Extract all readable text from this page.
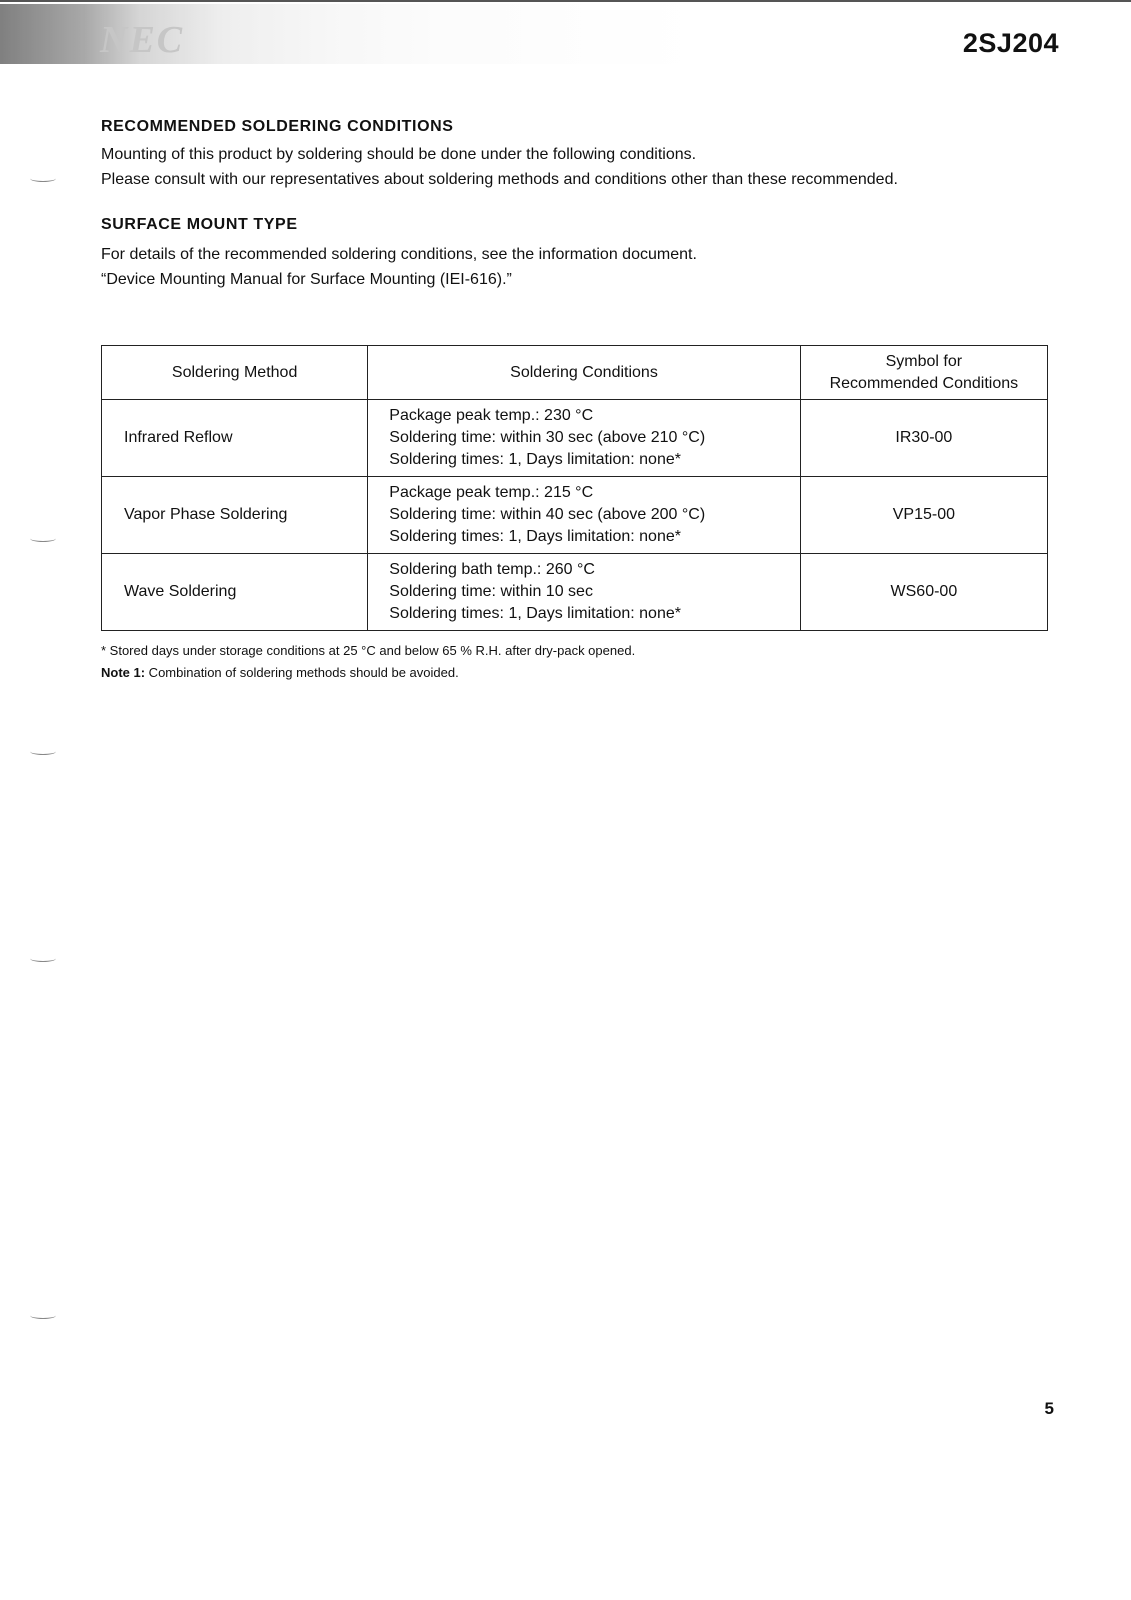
NEC	2SJ204
RECOMMENDED SOLDERING CONDITIONS

Mounting of this product by soldering should be done under the following conditions.

Please consult with our representatives about soldering methods and conditions other than these recommended.

SURFACE MOUNT TYPE

For details of the recommended soldering conditions, see the information document.

“Device Mounting Manual for Surface Mounting (IEI-616).”

Soldering Method	Soldering Conditions	Symbol for
Recommended Conditions

Infrared Reflow	Package peak temp.: 230 °C
Soldering time: within 30 sec (above 210 °C)
Soldering times: 1, Days limitation: none*	IR30-00
Vapor Phase Soldering	Package peak temp.: 215 °C
Soldering time: within 40 sec (above 200 °C)
Soldering times: 1, Days limitation: none*	VP15-00
Wave Soldering	Soldering bath temp.: 260 °C
Soldering time: within 10 sec
Soldering times: 1, Days limitation: none*	WS60-00
* Stored days under storage conditions at 25 °C and below 65 % R.H. after dry-pack opened.
Note 1: Combination of soldering methods should be avoided.
5
